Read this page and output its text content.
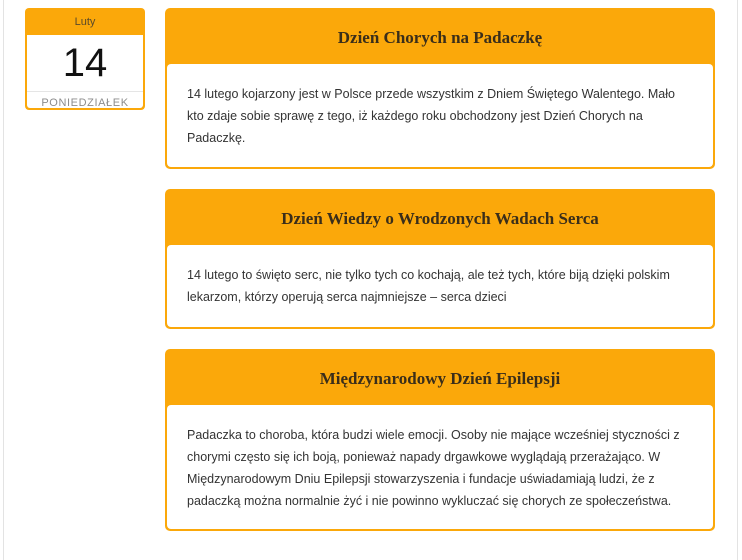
Luty
14
PONIEDZIAŁEK
Dzień Chorych na Padaczkę
14 lutego kojarzony jest w Polsce przede wszystkim z Dniem Świętego Walentego. Mało kto zdaje sobie sprawę z tego, iż każdego roku obchodzony jest Dzień Chorych na Padaczkę.
Dzień Wiedzy o Wrodzonych Wadach Serca
14 lutego to święto serc, nie tylko tych co kochają, ale też tych, które biją dzięki polskim lekarzom, którzy operują serca najmniejsze – serca dzieci
Międzynarodowy Dzień Epilepsji
Padaczka to choroba, która budzi wiele emocji. Osoby nie mające wcześniej styczności z chorymi często się ich boją, ponieważ napady drgawkowe wyglądają przerażająco. W Międzynarodowym Dniu Epilepsji stowarzyszenia i fundacje uświadamiają ludzi, że z padaczką można normalnie żyć i nie powinno wykluczać się chorych ze społeczeństwa.
